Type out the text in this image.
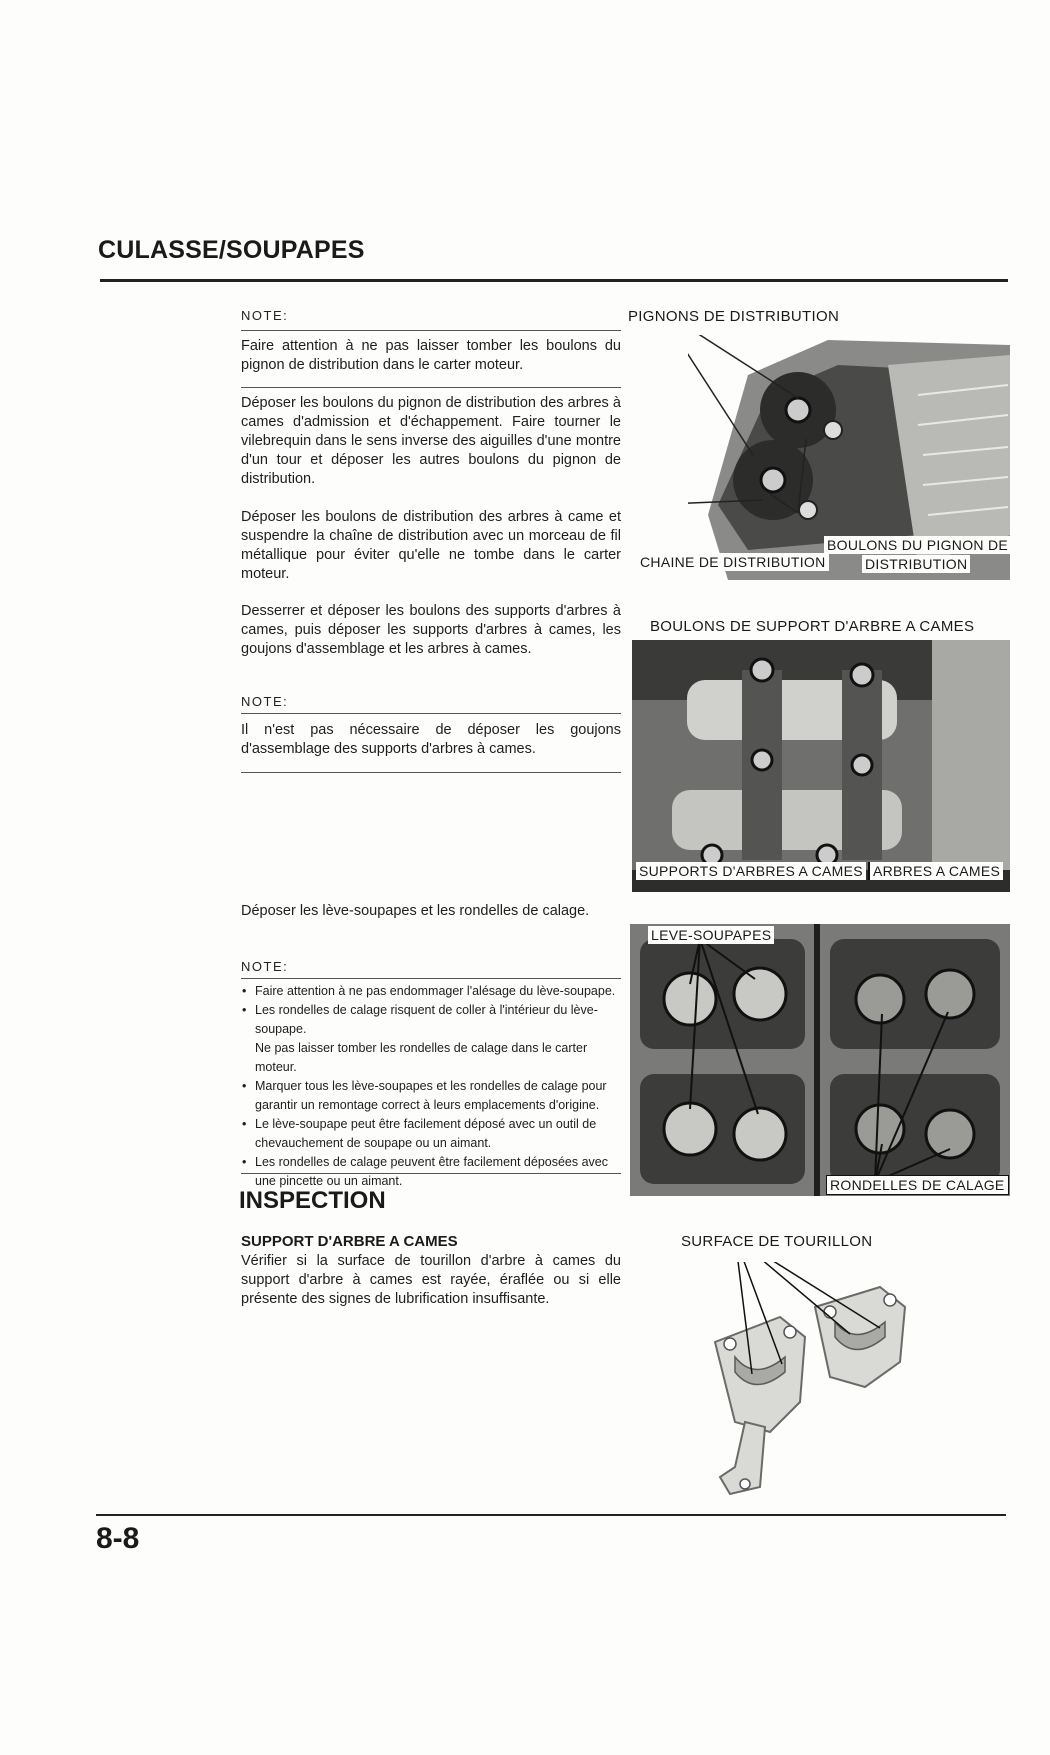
CULASSE/SOUPAPES
NOTE:
Faire attention à ne pas laisser tomber les boulons du pignon de distribution dans le carter moteur.
Déposer les boulons du pignon de distribution des arbres à cames d'admission et d'échappement. Faire tourner le vilebrequin dans le sens inverse des aiguilles d'une montre d'un tour et déposer les autres boulons du pignon de distribution.
Déposer les boulons de distribution des arbres à came et suspendre la chaîne de distribution avec un morceau de fil métallique pour éviter qu'elle ne tombe dans le carter moteur.
Desserrer et déposer les boulons des supports d'arbres à cames, puis déposer les supports d'arbres à cames, les goujons d'assemblage et les arbres à cames.
NOTE:
Il n'est pas nécessaire de déposer les goujons d'assemblage des supports d'arbres à cames.
Déposer les lève-soupapes et les rondelles de calage.
NOTE:
• Faire attention à ne pas endommager l'alésage du lève-soupape.
• Les rondelles de calage risquent de coller à l'intérieur du lève-soupape.
Ne pas laisser tomber les rondelles de calage dans le carter moteur.
• Marquer tous les lève-soupapes et les rondelles de calage pour garantir un remontage correct à leurs emplacements d'origine.
• Le lève-soupape peut être facilement déposé avec un outil de chevauchement de soupape ou un aimant.
• Les rondelles de calage peuvent être facilement déposées avec une pincette ou un aimant.
INSPECTION
SUPPORT D'ARBRE A CAMES
Vérifier si la surface de tourillon d'arbre à cames du support d'arbre à cames est rayée, éraflée ou si elle présente des signes de lubrification insuffisante.
PIGNONS DE DISTRIBUTION
CHAINE DE DISTRIBUTION
BOULONS DU PIGNON DE
DISTRIBUTION
BOULONS DE SUPPORT D'ARBRE A CAMES
SUPPORTS D'ARBRES A CAMES ARBRES A CAMES
LEVE-SOUPAPES
RONDELLES DE CALAGE
SURFACE DE TOURILLON
8-8
